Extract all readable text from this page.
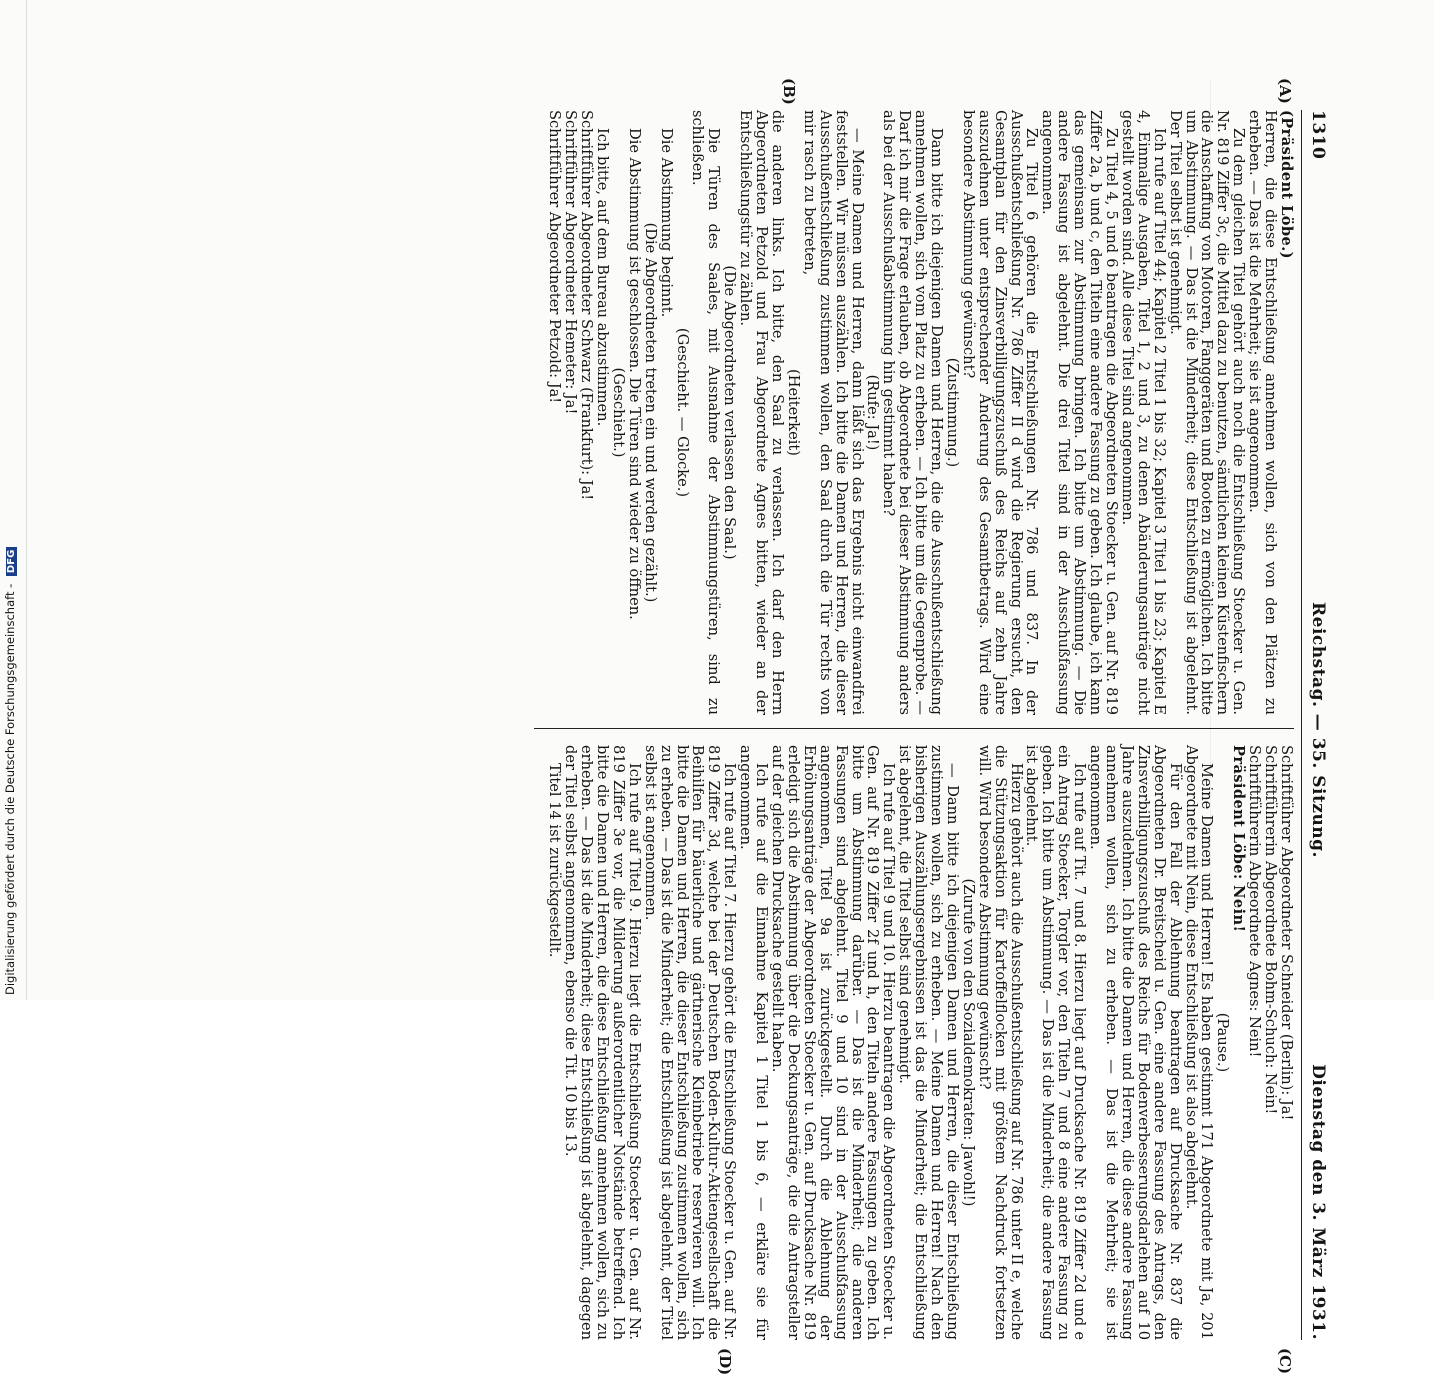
1310
Reichstag. — 35. Sitzung.
Dienstag den 3. März 1931.
(A)
(B)
(C)
(D)

(Präsident Löbe.)

Herren, die diese Entschließung annehmen wollen, sich von den Plätzen zu erheben. — Das ist die Mehrheit; sie ist angenommen.

Zu dem gleichen Titel gehört auch noch die Entschließung Stoecker u. Gen. Nr. 819 Ziffer 3c, die Mittel dazu zu benutzen, sämtlichen kleinen Küstenfischern die Anschaffung von Motoren, Fanggeräten und Booten zu ermöglichen. Ich bitte um Abstimmung. — Das ist die Minderheit; diese Entschließung ist abgelehnt. Der Titel selbst ist genehmigt.

Ich rufe auf Titel 44; Kapitel 2 Titel 1 bis 32; Kapitel 3 Titel 1 bis 23; Kapitel E 4, Einmalige Ausgaben, Titel 1, 2 und 3, zu denen Abänderungsanträge nicht gestellt worden sind. Alle diese Titel sind angenommen.

Zu Titel 4, 5 und 6 beantragen die Abgeordneten Stoecker u. Gen. auf Nr. 819 Ziffer 2a, b und c, den Titeln eine andere Fassung zu geben. Ich glaube, ich kann das gemeinsam zur Abstimmung bringen. Ich bitte um Abstimmung. — Die andere Fassung ist abgelehnt. Die drei Titel sind in der Ausschußfassung angenommen.

Zu Titel 6 gehören die Entschließungen Nr. 786 und 837. In der Ausschußentschließung Nr. 786 Ziffer II d wird die Regierung ersucht, den Gesamtplan für den Zinsverbilligungszuschuß des Reichs auf zehn Jahre auszudehnen unter entsprechender Änderung des Gesamtbetrags. Wird eine besondere Abstimmung gewünscht?

(Zustimmung.)

Dann bitte ich diejenigen Damen und Herren, die die Ausschußentschließung annehmen wollen, sich vom Platz zu erheben. — Ich bitte um die Gegenprobe. — Darf ich mir die Frage erlauben, ob Abgeordnete bei dieser Abstimmung anders als bei der Ausschußabstimmung hin gestimmt haben?

(Rufe: Ja!)

— Meine Damen und Herren, dann läßt sich das Ergebnis nicht einwandfrei feststellen. Wir müssen auszählen. Ich bitte die Damen und Herren, die dieser Ausschußentschließung zustimmen wollen, den Saal durch die Tür rechts von mir rasch zu betreten,

(Heiterkeit)

die anderen links. Ich bitte, den Saal zu verlassen. Ich darf den Herrn Abgeordneten Petzold und Frau Abgeordnete Agnes bitten, wieder an der Entschließungstür zu zählen.

(Die Abgeordneten verlassen den Saal.)

Die Türen des Saales, mit Ausnahme der Abstimmungstüren, sind zu schließen.

(Geschieht. — Glocke.)

Die Abstimmung beginnt.

(Die Abgeordneten treten ein und werden gezählt.)

Die Abstimmung ist geschlossen. Die Türen sind wieder zu öffnen.

(Geschieht.)

Ich bitte, auf dem Bureau abzustimmen.

Schriftführer Abgeordneter Schwarz (Frankfurt): Ja!

Schriftführer Abgeordneter Hemeter: Ja!

Schriftführer Abgeordneter Petzold: Ja!

Schriftführer Abgeordneter Schneider (Berlin): Ja!

Schriftführerin Abgeordnete Bohm-Schuch: Nein!

Schriftführerin Abgeordnete Agnes: Nein!

Präsident Löbe: Nein!

(Pause.)

Meine Damen und Herren! Es haben gestimmt 171 Abgeordnete mit Ja, 201 Abgeordnete mit Nein, diese Entschließung ist also abgelehnt.

Für den Fall der Ablehnung beantragen auf Drucksache Nr. 837 die Abgeordneten Dr. Breitscheid u. Gen. eine andere Fassung des Antrags, den Zinsverbilligungszuschuß des Reichs für Bodenverbesserungsdarlehen auf 10 Jahre auszudehnen. Ich bitte die Damen und Herren, die diese andere Fassung annehmen wollen, sich zu erheben. — Das ist die Mehrheit; sie ist angenommen.

Ich rufe auf Tit. 7 und 8. Hierzu liegt auf Drucksache Nr. 819 Ziffer 2d und e ein Antrag Stoecker, Torgler vor, den Titeln 7 und 8 eine andere Fassung zu geben. Ich bitte um Abstimmung. — Das ist die Minderheit; die andere Fassung ist abgelehnt.

Hierzu gehört auch die Ausschußentschließung auf Nr. 786 unter II e, welche die Stützungsaktion für Kartoffelflocken mit größtem Nachdruck fortsetzen will. Wird besondere Abstimmung gewünscht?

(Zurufe von den Sozialdemokraten: Jawohl!)

— Dann bitte ich diejenigen Damen und Herren, die dieser Entschließung zustimmen wollen, sich zu erheben. — Meine Damen und Herren! Nach den bisherigen Auszählungsergebnissen ist das die Minderheit; die Entschließung ist abgelehnt, die Titel selbst sind genehmigt.

Ich rufe auf Titel 9 und 10. Hierzu beantragen die Abgeordneten Stoecker u. Gen. auf Nr. 819 Ziffer 2f und h, den Titeln andere Fassungen zu geben. Ich bitte um Abstimmung darüber. — Das ist die Minderheit; die anderen Fassungen sind abgelehnt. Titel 9 und 10 sind in der Ausschußfassung angenommen, Titel 9a ist zurückgestellt. Durch die Ablehnung der Erhöhungsanträge der Abgeordneten Stoecker u. Gen. auf Drucksache Nr. 819 erledigt sich die Abstimmung über die Deckungsanträge, die die Antragsteller auf der gleichen Drucksache gestellt haben.

Ich rufe auf die Einnahme Kapitel 1 Titel 1 bis 6, — erkläre sie für angenommen.

Ich rufe auf Titel 7. Hierzu gehört die Entschließung Stoecker u. Gen. auf Nr. 819 Ziffer 3d, welche bei der Deutschen Boden-Kultur-Aktiengesellschaft die Beihilfen für bäuerliche und gärtnerische Kleinbetriebe reservieren will. Ich bitte die Damen und Herren, die dieser Entschließung zustimmen wollen, sich zu erheben. — Das ist die Minderheit; die Entschließung ist abgelehnt, der Titel selbst ist angenommen.

Ich rufe auf Titel 9. Hierzu liegt die Entschließung Stoecker u. Gen. auf Nr. 819 Ziffer 3e vor, die Milderung außerordentlicher Notstände betreffend. Ich bitte die Damen und Herren, die diese Entschließung annehmen wollen, sich zu erheben. — Das ist die Minderheit; diese Entschließung ist abgelehnt, dagegen der Titel selbst angenommen, ebenso die Tit. 10 bis 13.

Titel 14 ist zurückgestellt.

Digitalisierung gefördert durch die Deutsche Forschungsgemeinschaft - DFG
